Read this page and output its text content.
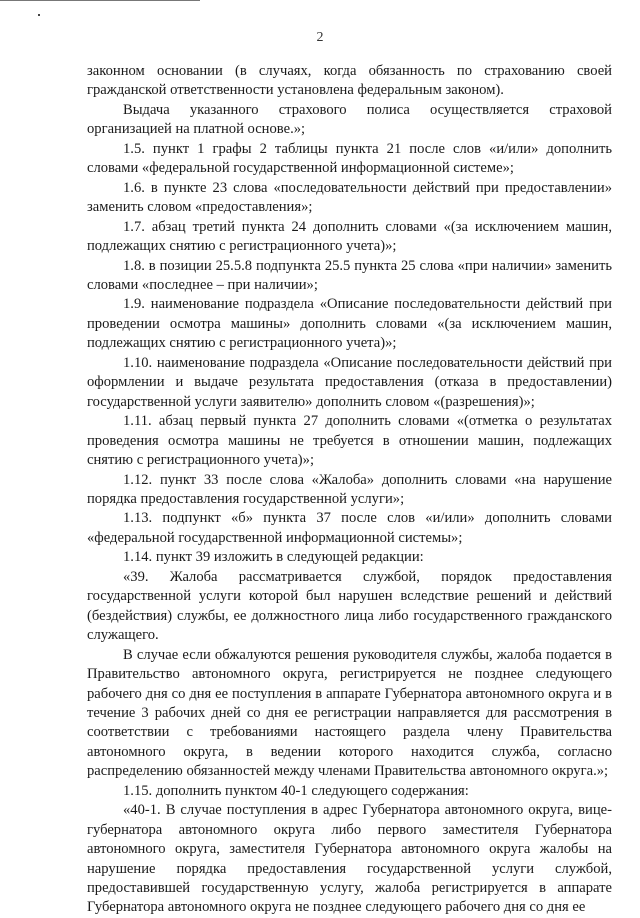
2

законном основании (в случаях, когда обязанность по страхованию своей гражданской ответственности установлена федеральным законом).

Выдача указанного страхового полиса осуществляется страховой организацией на платной основе.»;

1.5. пункт 1 графы 2 таблицы пункта 21 после слов «и/или» дополнить словами «федеральной государственной информационной системе»;

1.6. в пункте 23 слова «последовательности действий при предоставлении» заменить словом «предоставления»;

1.7. абзац третий пункта 24 дополнить словами «(за исключением машин, подлежащих снятию с регистрационного учета)»;

1.8. в позиции 25.5.8 подпункта 25.5 пункта 25 слова «при наличии» заменить словами «последнее – при наличии»;

1.9. наименование подраздела «Описание последовательности действий при проведении осмотра машины» дополнить словами «(за исключением машин, подлежащих снятию с регистрационного учета)»;

1.10. наименование подраздела «Описание последовательности действий при оформлении и выдаче результата предоставления (отказа в предоставлении) государственной услуги заявителю» дополнить словом «(разрешения)»;

1.11. абзац первый пункта 27 дополнить словами «(отметка о результатах проведения осмотра машины не требуется в отношении машин, подлежащих снятию с регистрационного учета)»;

1.12. пункт 33 после слова «Жалоба» дополнить словами «на нарушение порядка предоставления государственной услуги»;

1.13. подпункт «б» пункта 37 после слов «и/или» дополнить словами «федеральной государственной информационной системы»;

1.14. пункт 39 изложить в следующей редакции:

«39. Жалоба рассматривается службой, порядок предоставления государственной услуги которой был нарушен вследствие решений и действий (бездействия) службы, ее должностного лица либо государственного гражданского служащего.

В случае если обжалуются решения руководителя службы, жалоба подается в Правительство автономного округа, регистрируется не позднее следующего рабочего дня со дня ее поступления в аппарате Губернатора автономного округа и в течение 3 рабочих дней со дня ее регистрации направляется для рассмотрения в соответствии с требованиями настоящего раздела члену Правительства автономного округа, в ведении которого находится служба, согласно распределению обязанностей между членами Правительства автономного округа.»;

1.15. дополнить пунктом 40-1 следующего содержания:

«40-1. В случае поступления в адрес Губернатора автономного округа, вице-губернатора автономного округа либо первого заместителя Губернатора автономного округа, заместителя Губернатора автономного округа жалобы на нарушение порядка предоставления государственной услуги службой, предоставившей государственную услугу, жалоба регистрируется в аппарате Губернатора автономного округа не позднее следующего рабочего дня со дня ее
